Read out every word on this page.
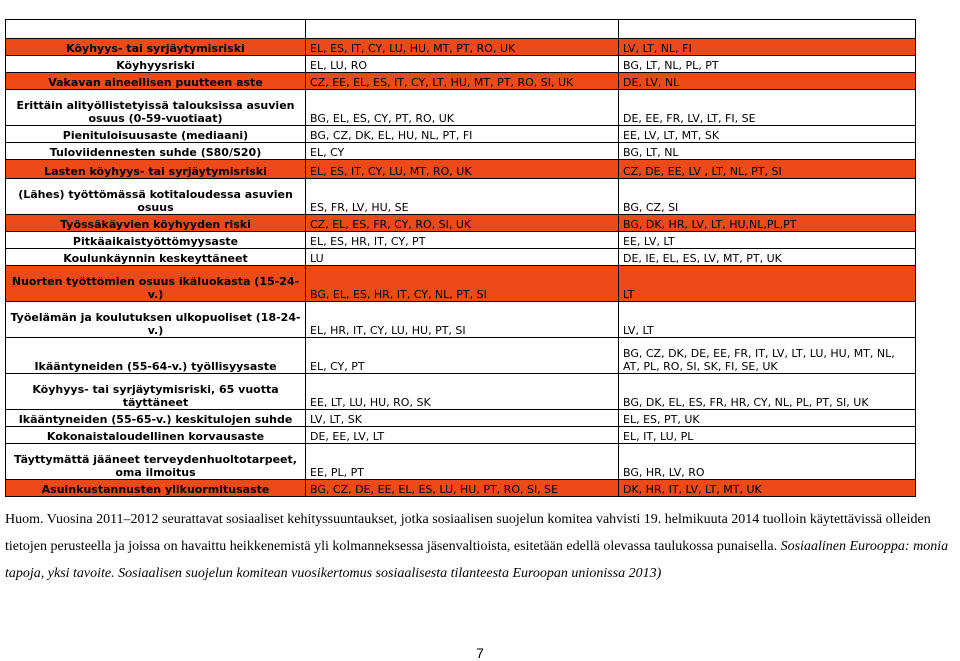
2011-2012	Jäsenvaltiot, joissa merkittävää heikkenemistä	Jäsenvaltiot, joissa merkittävää parantumista
Köyhyys- tai syrjäytymisriski	EL, ES, IT, CY, LU, HU, MT, PT, RO, UK	LV, LT, NL, FI
Köyhyysriski	EL, LU, RO	BG, LT, NL, PL, PT
Vakavan aineellisen puutteen aste	CZ, EE, EL, ES, IT, CY, LT, HU, MT, PT, RO, SI, UK	DE, LV, NL
Erittäin alityöllistetyissä talouksissa asuvien osuus (0-59-vuotiaat)	BG, EL, ES, CY, PT, RO, UK	DE, EE, FR, LV, LT, FI, SE
Pienituloisuusaste (mediaani)	BG, CZ, DK, EL, HU, NL, PT, FI	EE, LV, LT, MT, SK
Tuloviidennesten suhde (S80/S20)	EL, CY	BG, LT, NL
Lasten köyhyys- tai syrjäytymisriski	EL, ES, IT, CY, LU, MT, RO, UK	CZ, DE, EE, LV , LT, NL, PT, SI
(Lähes) työttömässä kotitaloudessa asuvien osuus	ES, FR, LV, HU, SE	BG, CZ, SI
Työssäkäyvien köyhyyden riski	CZ, EL, ES, FR, CY, RO, SI, UK	BG, DK, HR, LV, LT, HU,NL,PL,PT
Pitkäaikaistyöttömyysaste	EL, ES, HR, IT, CY, PT	EE, LV, LT
Koulunkäynnin keskeyttäneet	LU	DE, IE, EL, ES, LV, MT, PT, UK
Nuorten työttömien osuus ikäluokasta (15-24-v.)	BG, EL, ES, HR, IT, CY, NL, PT, SI	LT
Työelämän ja koulutuksen ulkopuoliset (18-24-v.)	EL, HR, IT, CY, LU, HU, PT, SI	LV, LT
Ikääntyneiden (55-64-v.) työllisyysaste	EL, CY, PT	BG, CZ, DK, DE, EE, FR, IT, LV, LT, LU, HU, MT, NL, AT, PL, RO, SI, SK, FI, SE, UK
Köyhyys- tai syrjäytymisriski, 65 vuotta täyttäneet	EE, LT, LU, HU, RO, SK	BG, DK, EL, ES, FR, HR, CY, NL, PL, PT, SI, UK
Ikääntyneiden (55-65-v.) keskitulojen suhde	LV, LT, SK	EL, ES, PT, UK
Kokonaistaloudellinen korvausaste	DE, EE, LV, LT	EL, IT, LU, PL
Täyttymättä jääneet terveydenhuoltotarpeet, oma ilmoitus	EE, PL, PT	BG, HR, LV, RO
Asuinkustannusten ylikuormitusaste	BG, CZ, DE, EE, EL, ES, LU, HU, PT, RO, SI, SE	DK, HR, IT, LV, LT, MT, UK
Huom. Vuosina 2011–2012 seurattavat sosiaaliset kehityssuuntaukset, jotka sosiaalisen suojelun komitea vahvisti 19. helmikuuta 2014 tuolloin käytettävissä olleiden tietojen perusteella ja joissa on havaittu heikkenemistä yli kolmanneksessa jäsenvaltioista, esitetään edellä olevassa taulukossa punaisella. Sosiaalinen Eurooppa: monia tapoja, yksi tavoite. Sosiaalisen suojelun komitean vuosikertomus sosiaalisesta tilanteesta Euroopan unionissa 2013)
7
